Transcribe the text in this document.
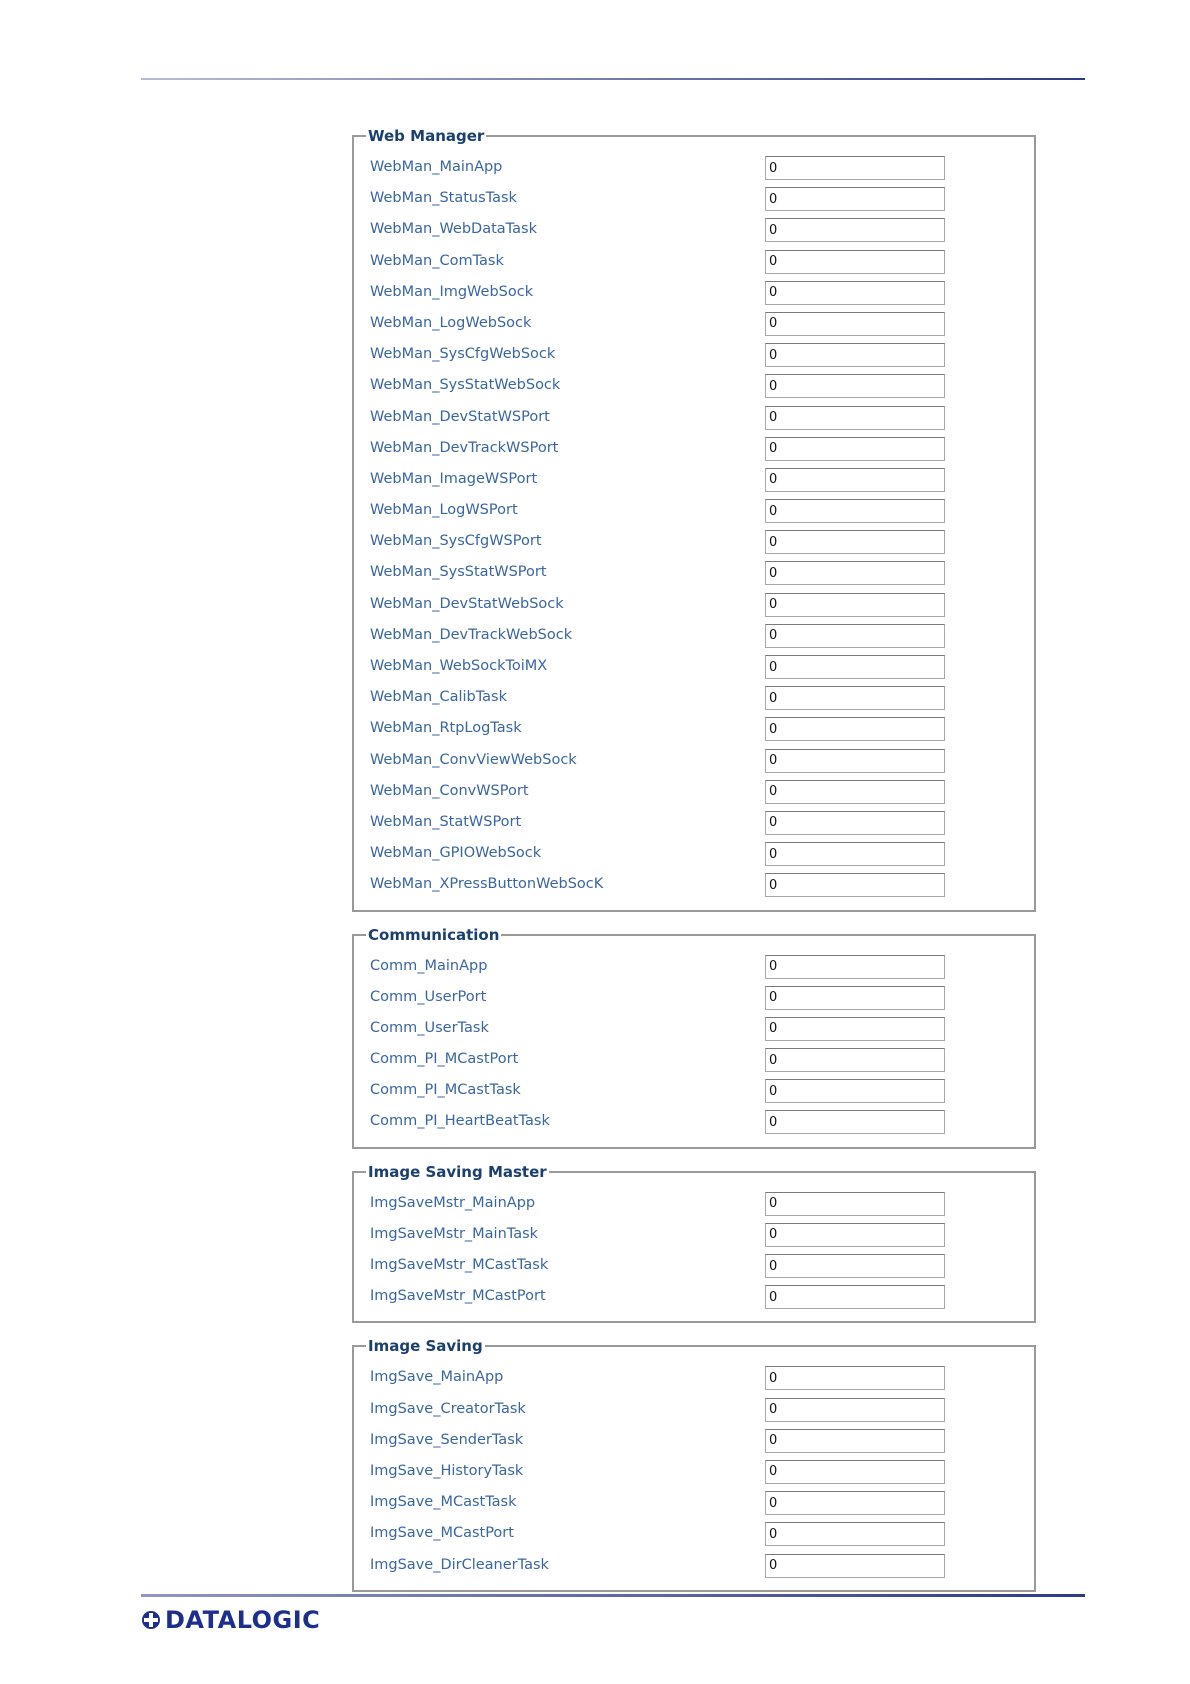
Web Manager
WebMan_MainApp
0
WebMan_StatusTask
0
WebMan_WebDataTask
0
WebMan_ComTask
0
WebMan_ImgWebSock
0
WebMan_LogWebSock
0
WebMan_SysCfgWebSock
0
WebMan_SysStatWebSock
0
WebMan_DevStatWSPort
0
WebMan_DevTrackWSPort
0
WebMan_ImageWSPort
0
WebMan_LogWSPort
0
WebMan_SysCfgWSPort
0
WebMan_SysStatWSPort
0
WebMan_DevStatWebSock
0
WebMan_DevTrackWebSock
0
WebMan_WebSockToiMX
0
WebMan_CalibTask
0
WebMan_RtpLogTask
0
WebMan_ConvViewWebSock
0
WebMan_ConvWSPort
0
WebMan_StatWSPort
0
WebMan_GPIOWebSock
0
WebMan_XPressButtonWebSocK
0
Communication
Comm_MainApp
0
Comm_UserPort
0
Comm_UserTask
0
Comm_PI_MCastPort
0
Comm_PI_MCastTask
0
Comm_PI_HeartBeatTask
0
Image Saving Master
ImgSaveMstr_MainApp
0
ImgSaveMstr_MainTask
0
ImgSaveMstr_MCastTask
0
ImgSaveMstr_MCastPort
0
Image Saving
ImgSave_MainApp
0
ImgSave_CreatorTask
0
ImgSave_SenderTask
0
ImgSave_HistoryTask
0
ImgSave_MCastTask
0
ImgSave_MCastPort
0
ImgSave_DirCleanerTask
0
DATALOGIC
